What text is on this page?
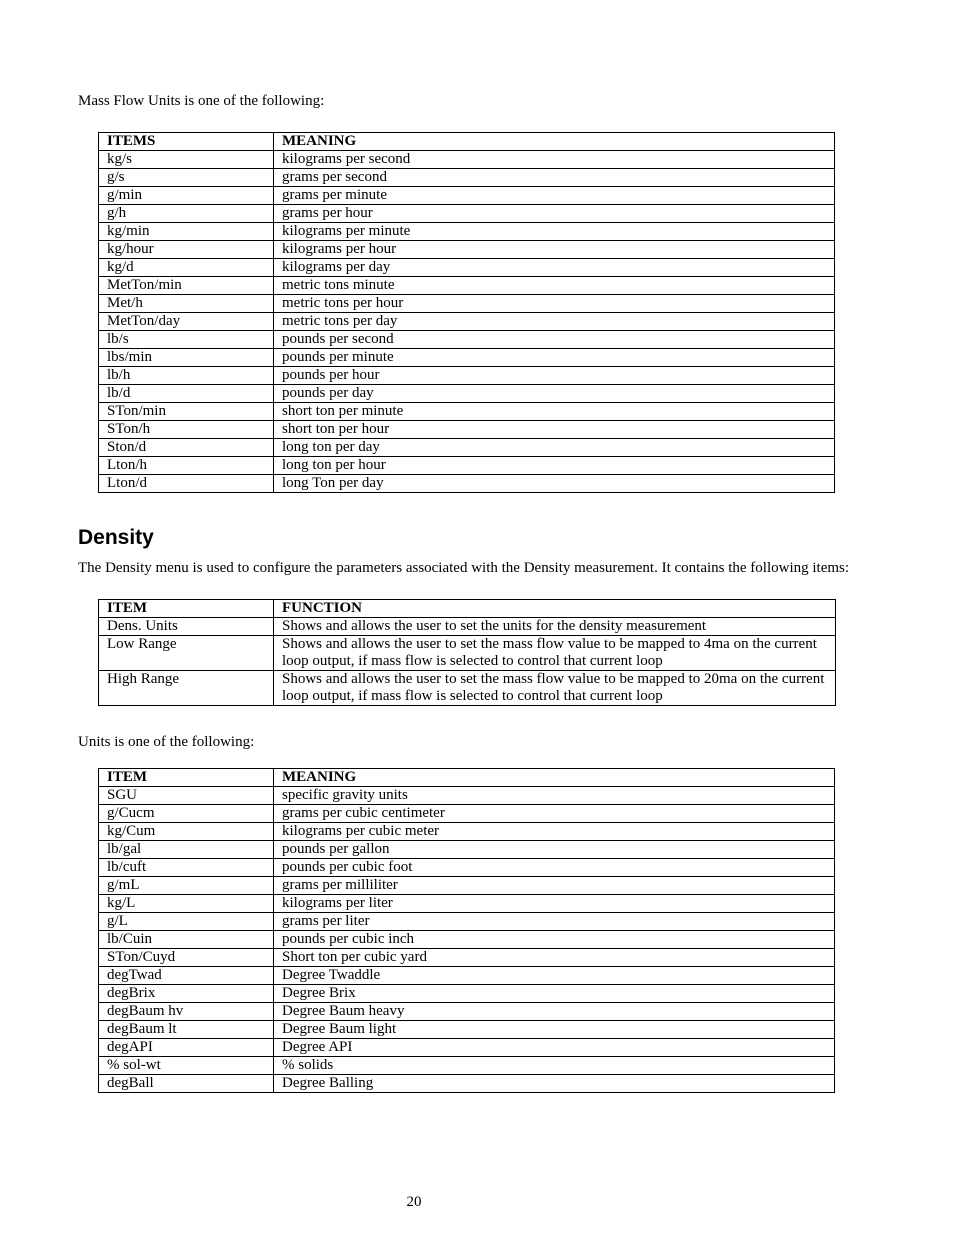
Mass Flow Units is one of the following:

ITEMS	MEANING
kg/s	kilograms per second
g/s	grams per second
g/min	grams per minute
g/h	grams per hour
kg/min	kilograms per minute
kg/hour	kilograms per hour
kg/d	kilograms per day
MetTon/min	metric tons minute
Met/h	metric tons per hour
MetTon/day	metric tons per day
lb/s	pounds per second
lbs/min	pounds per minute
lb/h	pounds per hour
lb/d	pounds per day
STon/min	short ton per minute
STon/h	short ton per hour
Ston/d	long ton per day
Lton/h	long ton per hour
Lton/d	long Ton per day
Density

The Density menu is used to configure the parameters associated with the Density measurement. It contains the following items:

ITEM	FUNCTION
Dens. Units	Shows and allows the user to set the units for the density measurement
Low Range	Shows and allows the user to set the mass flow value to be mapped to 4ma on the current loop output, if mass flow is selected to control that current loop
High Range	Shows and allows the user to set the mass flow value to be mapped to 20ma on the current loop output, if mass flow is selected to control that current loop

Units is one of the following:

ITEM	MEANING
SGU	specific gravity units
g/Cucm	grams per cubic centimeter
kg/Cum	kilograms per cubic meter
lb/gal	pounds per gallon
lb/cuft	pounds per cubic foot
g/mL	grams per milliliter
kg/L	kilograms per liter
g/L	grams per liter
lb/Cuin	pounds per cubic inch
STon/Cuyd	Short ton per cubic yard
degTwad	Degree Twaddle
degBrix	Degree Brix
degBaum hv	Degree Baum heavy
degBaum lt	Degree Baum light
degAPI	Degree API
% sol-wt	% solids
degBall	Degree Balling
20
